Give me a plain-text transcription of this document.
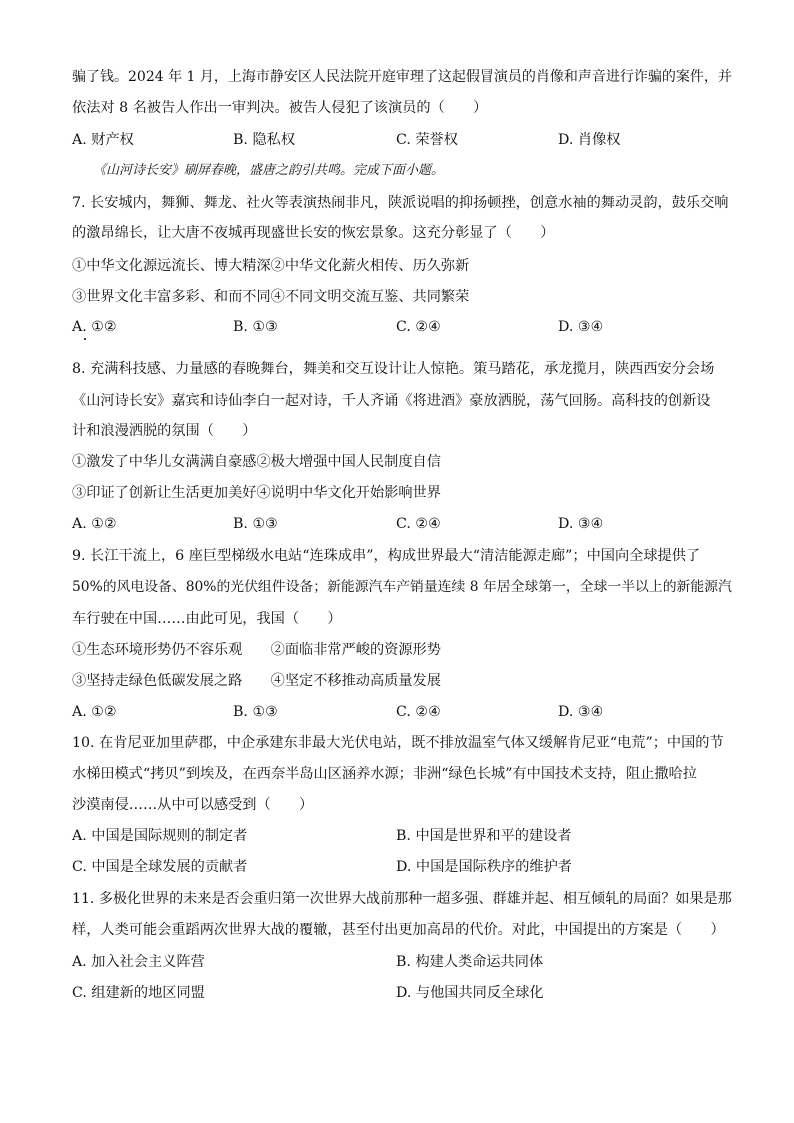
骗了钱。2024 年 1 月，上海市静安区人民法院开庭审理了这起假冒演员的肖像和声音进行诈骗的案件，并
依法对 8 名被告人作出一审判决。被告人侵犯了该演员的（　　）
A. 财产权	B. 隐私权	C. 荣誉权	D. 肖像权
《山河诗长安》刷屏春晚，盛唐之韵引共鸣。完成下面小题。
7. 长安城内，舞狮、舞龙、社火等表演热闹非凡，陕派说唱的抑扬顿挫，创意水袖的舞动灵韵，鼓乐交响
的激昂绵长，让大唐不夜城再现盛世长安的恢宏景象。这充分彰显了（　　）
①中华文化源远流长、博大精深②中华文化薪火相传、历久弥新
③世界文化丰富多彩、和而不同④不同文明交流互鉴、共同繁荣
A. ①②	B. ①③	C. ②④	D. ③④
8. 充满科技感、力量感的春晚舞台，舞美和交互设计让人惊艳。策马踏花，承龙揽月，陕西西安分会场
《山河诗长安》嘉宾和诗仙李白一起对诗，千人齐诵《将进酒》豪放洒脱，荡气回肠。高科技的创新设
计和浪漫洒脱的氛围（　　）
①激发了中华儿女满满自豪感②极大增强中国人民制度自信
③印证了创新让生活更加美好④说明中华文化开始影响世界
A. ①②	B. ①③	C. ②④	D. ③④
9. 长江干流上，6 座巨型梯级水电站“连珠成串”，构成世界最大“清洁能源走廊”；中国向全球提供了
50%的风电设备、80%的光伏组件设备；新能源汽车产销量连续 8 年居全球第一，全球一半以上的新能源汽
车行驶在中国……由此可见，我国（　　）
①生态环境形势仍不容乐观　　②面临非常严峻的资源形势
③坚持走绿色低碳发展之路　　④坚定不移推动高质量发展
A. ①②	B. ①③	C. ②④	D. ③④
10. 在肯尼亚加里萨郡，中企承建东非最大光伏电站，既不排放温室气体又缓解肯尼亚“电荒”；中国的节
水梯田模式“拷贝”到埃及，在西奈半岛山区涵养水源；非洲“绿色长城”有中国技术支持，阻止撒哈拉
沙漠南侵……从中可以感受到（　　）
A. 中国是国际规则的制定者	B. 中国是世界和平的建设者
C. 中国是全球发展的贡献者	D. 中国是国际秩序的维护者
11. 多极化世界的未来是否会重归第一次世界大战前那种一超多强、群雄并起、相互倾轧的局面？如果是那
样，人类可能会重蹈两次世界大战的覆辙，甚至付出更加高昂的代价。对此，中国提出的方案是（　　）
A. 加入社会主义阵营	B. 构建人类命运共同体
C. 组建新的地区同盟	D. 与他国共同反全球化
